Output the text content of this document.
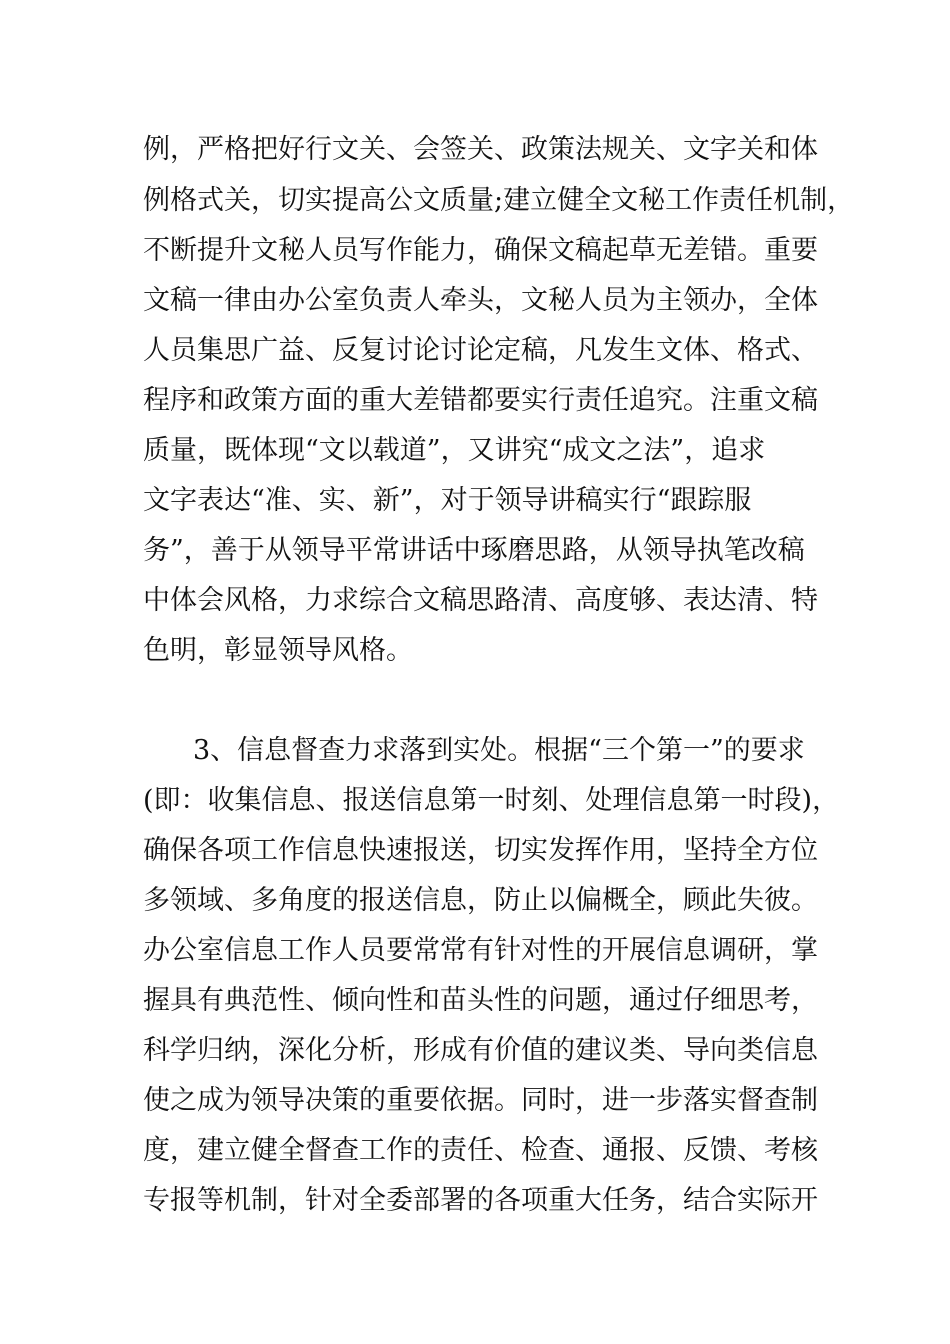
例，严格把好行文关、会签关、政策法规关、文字关和体
例格式关，切实提高公文质量;建立健全文秘工作责任机制，
不断提升文秘人员写作能力，确保文稿起草无差错。重要
文稿一律由办公室负责人牵头，文秘人员为主领办，全体
人员集思广益、反复讨论讨论定稿，凡发生文体、格式、
程序和政策方面的重大差错都要实行责任追究。注重文稿
质量，既体现“文以载道”，又讲究“成文之法”，追求
文字表达“准、实、新”，对于领导讲稿实行“跟踪服
务”，善于从领导平常讲话中琢磨思路，从领导执笔改稿
中体会风格，力求综合文稿思路清、高度够、表达清、特
色明，彰显领导风格。
3、信息督查力求落到实处。根据“三个第一”的要求
(即：收集信息、报送信息第一时刻、处理信息第一时段)，
确保各项工作信息快速报送，切实发挥作用，坚持全方位
多领域、多角度的报送信息，防止以偏概全，顾此失彼。
办公室信息工作人员要常常有针对性的开展信息调研，掌
握具有典范性、倾向性和苗头性的问题，通过仔细思考，
科学归纳，深化分析，形成有价值的建议类、导向类信息
使之成为领导决策的重要依据。同时，进一步落实督查制
度，建立健全督查工作的责任、检查、通报、反馈、考核
专报等机制，针对全委部署的各项重大任务，结合实际开
